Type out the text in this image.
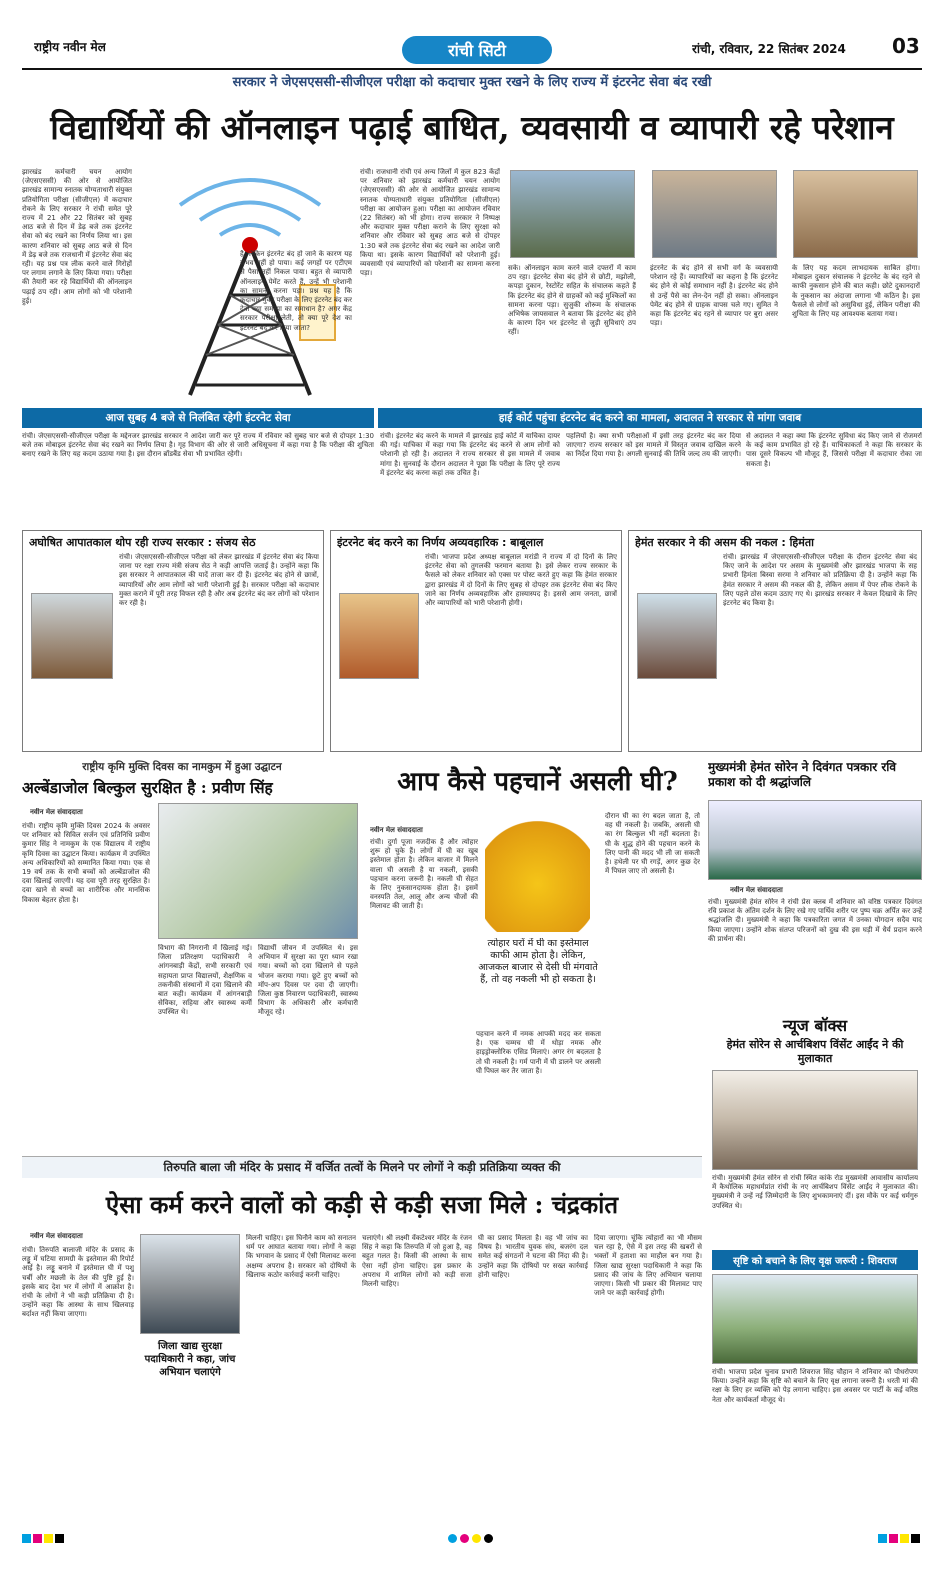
राष्ट्रीय नवीन मेल	रांची सिटी	रांची, रविवार, 22 सितंबर 2024 03
सरकार ने जेएसएससी-सीजीएल परीक्षा को कदाचार मुक्त रखने के लिए राज्य में इंटरनेट सेवा बंद रखी
विद्यार्थियों की ऑनलाइन पढ़ाई बाधित, व्यवसायी व व्यापारी रहे परेशान
झारखंड कर्मचारी चयन आयोग (जेएसएससी) की ओर से आयोजित झारखंड सामान्य स्नातक योग्यताधारी संयुक्त प्रतियोगिता परीक्षा (सीजीएल) में कदाचार रोकने के लिए सरकार ने रांची समेत पूरे राज्य में 21 और 22 सितंबर को सुबह आठ बजे से दिन में डेढ़ बजे तक इंटरनेट सेवा को बंद रखने का निर्णय लिया था। इस कारण शनिवार को सुबह आठ बजे से दिन में डेढ़ बजे तक राजधानी में इंटरनेट सेवा बंद रही। यह प्रश्न पत्र लीक करने वाले गिरोहों पर लगाम लगाने के लिए किया गया। परीक्षा की तैयारी कर रहे विद्यार्थियों की ऑनलाइन पढ़ाई ठप रही। आम लोगों को भी परेशानी हुई।
है, लेकिन इंटरनेट बंद हो जाने के कारण यह संभव नहीं हो पाया। कई जगहों पर एटीएम से पैसा नहीं निकल पाया। बहुत से व्यापारी ऑनलाइन पेमेंट करते हैं, उन्हें भी परेशानी का सामना करना पड़ा। प्रश्न यह है कि कदाचार मुक्त परीक्षा के लिए इंटरनेट बंद कर देना क्या समस्या का समाधान है? अगर केंद्र सरकार परीक्षा लेती, तो क्या पूरे देश का इंटरनेट बंद कर दिया जाता?
रांची। राजधानी रांची एवं अन्य जिलों में कुल 823 केंद्रों पर शनिवार को झारखंड कर्मचारी चयन आयोग (जेएसएससी) की ओर से आयोजित झारखंड सामान्य स्नातक योग्यताधारी संयुक्त प्रतियोगिता (सीजीएल) परीक्षा का आयोजन हुआ। परीक्षा का आयोजन रविवार (22 सितंबर) को भी होगा। राज्य सरकार ने निष्पक्ष और कदाचार मुक्त परीक्षा कराने के लिए सुरक्षा को शनिवार और रविवार को सुबह आठ बजे से दोपहर 1:30 बजे तक इंटरनेट सेवा बंद रखने का आदेश जारी किया था। इसके कारण विद्यार्थियों को परेशानी हुई। व्यवसायी एवं व्यापारियों को परेशानी का सामना करना पड़ा।
सके। ऑनलाइन काम करने वाले दफ्तरों में काम ठप रहा। इंटरनेट सेवा बंद होने से छोटी, मझोली, कपड़ा दुकान, रेस्टोरेंट सहित के संचालक कहते हैं कि इंटरनेट बंद होने से ग्राहकों को कई मुश्किलों का सामना करना पड़ा। सुजुकी शोरूम के संचालक अभिषेक जायसवाल ने बताया कि इंटरनेट बंद होने के कारण दिन भर इंटरनेट से जुड़ी सुविधाएं ठप रहीं।
इंटरनेट के बंद होने से सभी वर्ग के व्यवसायी परेशान रहे हैं। व्यापारियों का कहना है कि इंटरनेट बंद होने से कोई समाधान नहीं है। इंटरनेट बंद होने से उन्हें पैसे का लेन-देन नहीं हो सका। ऑनलाइन पेमेंट बंद होने से ग्राहक वापस चले गए। सुमित ने कहा कि इंटरनेट बंद रहने से व्यापार पर बुरा असर पड़ा।
के लिए यह कदम लाभदायक साबित होगा। मोबाइल दुकान संचालक ने इंटरनेट के बंद रहने से काफी नुकसान होने की बात कही। छोटे दुकानदारों के नुकसान का अंदाजा लगाना भी कठिन है। इस फैसले से लोगों को असुविधा हुई, लेकिन परीक्षा की शुचिता के लिए यह आवश्यक बताया गया।
आज सुबह 4 बजे से निलंबित रहेगी इंटरनेट सेवा	हाई कोर्ट पहुंचा इंटरनेट बंद करने का मामला, अदालत ने सरकार से मांगा जवाब
रांची। जेएसएससी-सीजीएल परीक्षा के मद्देनजर झारखंड सरकार ने आदेश जारी कर पूरे राज्य में रविवार को सुबह चार बजे से दोपहर 1:30 बजे तक मोबाइल इंटरनेट सेवा बंद रखने का निर्णय लिया है। गृह विभाग की ओर से जारी अधिसूचना में कहा गया है कि परीक्षा की शुचिता बनाए रखने के लिए यह कदम उठाया गया है। इस दौरान ब्रॉडबैंड सेवा भी प्रभावित रहेगी।
रांची। इंटरनेट बंद करने के मामले में झारखंड हाई कोर्ट में याचिका दायर की गई। याचिका में कहा गया कि इंटरनेट बंद करने से आम लोगों को परेशानी हो रही है। अदालत ने राज्य सरकार से इस मामले में जवाब मांगा है। सुनवाई के दौरान अदालत ने पूछा कि परीक्षा के लिए पूरे राज्य में इंटरनेट बंद करना कहां तक उचित है।
पहलियों है। क्या सभी परीक्षाओं में इसी तरह इंटरनेट बंद कर दिया जाएगा? राज्य सरकार को इस मामले में विस्तृत जवाब दाखिल करने का निर्देश दिया गया है। अगली सुनवाई की तिथि जल्द तय की जाएगी।
से अदालत ने कहा क्या कि इंटरनेट सुविधा बंद किए जाने से रोजमर्रा के कई काम प्रभावित हो रहे हैं। याचिकाकर्ता ने कहा कि सरकार के पास दूसरे विकल्प भी मौजूद हैं, जिससे परीक्षा में कदाचार रोका जा सकता है।
अघोषित आपातकाल थोप रही राज्य सरकार : संजय सेठ
रांची। जेएसएससी-सीजीएल परीक्षा को लेकर झारखंड में इंटरनेट सेवा बंद किया जाना पर रक्षा राज्य मंत्री संजय सेठ ने कड़ी आपत्ति जताई है। उन्होंने कहा कि इस सरकार ने आपातकाल की यादें ताजा कर दी हैं। इंटरनेट बंद होने से छात्रों, व्यापारियों और आम लोगों को भारी परेशानी हुई है। सरकार परीक्षा को कदाचार मुक्त कराने में पूरी तरह विफल रही है और अब इंटरनेट बंद कर लोगों को परेशान कर रही है।
इंटरनेट बंद करने का निर्णय अव्यवहारिक : बाबूलाल
रांची। भाजपा प्रदेश अध्यक्ष बाबूलाल मरांडी ने राज्य में दो दिनों के लिए इंटरनेट सेवा को तुगलकी फरमान बताया है। इसे लेकर राज्य सरकार के फैसले को लेकर शनिवार को एक्स पर पोस्ट करते हुए कहा कि हेमंत सरकार द्वारा झारखंड में दो दिनों के लिए सुबह से दोपहर तक इंटरनेट सेवा बंद किए जाने का निर्णय अव्यवहारिक और हास्यास्पद है। इससे आम जनता, छात्रों और व्यापारियों को भारी परेशानी होगी।
हेमंत सरकार ने की असम की नकल : हिमंता
रांची। झारखंड में जेएसएससी-सीजीएल परीक्षा के दौरान इंटरनेट सेवा बंद किए जाने के आदेश पर असम के मुख्यमंत्री और झारखंड भाजपा के सह प्रभारी हिमंता बिस्वा सरमा ने शनिवार को प्रतिक्रिया दी है। उन्होंने कहा कि हेमंत सरकार ने असम की नकल की है, लेकिन असम में पेपर लीक रोकने के लिए पहले ठोस कदम उठाए गए थे। झारखंड सरकार ने केवल दिखावे के लिए इंटरनेट बंद किया है।
राष्ट्रीय कृमि मुक्ति दिवस का नामकुम में हुआ उद्घाटन
अल्बेंडाजोल बिल्कुल सुरक्षित है : प्रवीण सिंह
नवीन मेल संवाददाता
रांची। राष्ट्रीय कृमि मुक्ति दिवस 2024 के अवसर पर शनिवार को सिविल सर्जन एवं प्रतिनिधि प्रवीण कुमार सिंह ने नामकुम के एक विद्यालय में राष्ट्रीय कृमि दिवस का उद्घाटन किया। कार्यक्रम में उपस्थित अन्य अधिकारियों को सम्मानित किया गया। एक से 19 वर्ष तक के सभी बच्चों को अल्बेंडाजोल की दवा खिलाई जाएगी। यह दवा पूरी तरह सुरक्षित है। दवा खाने से बच्चों का शारीरिक और मानसिक विकास बेहतर होता है।
विभाग की निगरानी में खिलाई गई। जिला प्रतिरक्षण पदाधिकारी ने आंगनबाड़ी केंद्रों, सभी सरकारी एवं सहायता प्राप्त विद्यालयों, शैक्षणिक व तकनीकी संस्थानों में दवा खिलाने की बात कही। कार्यक्रम में आंगनबाड़ी सेविका, सहिया और स्वास्थ्य कर्मी उपस्थित थे।
विद्यार्थी जीवन में उपस्थित थे। इस अभियान में सुरक्षा का पूरा ध्यान रखा गया। बच्चों को दवा खिलाने से पहले भोजन कराया गया। छूटे हुए बच्चों को मॉप-अप दिवस पर दवा दी जाएगी। जिला कुष्ठ निवारण पदाधिकारी, स्वास्थ्य विभाग के अधिकारी और कर्मचारी मौजूद रहे।
आप कैसे पहचानें असली घी?
नवीन मेल संवाददाता
रांची। दुर्गा पूजा नजदीक है और त्योहार शुरू हो चुके हैं। लोगों में घी का खूब इस्तेमाल होता है। लेकिन बाजार में मिलने वाला घी असली है या नकली, इसकी पहचान करना जरूरी है। नकली घी सेहत के लिए नुकसानदायक होता है। इसमें वनस्पति तेल, आलू और अन्य चीजों की मिलावट की जाती है।
त्योहार घरों में घी का इस्तेमाल काफी आम होता है। लेकिन, आजकल बाजार से देसी घी मंगवाते हैं, तो वह नकली भी हो सकता है।
पहचान करने में नमक आपकी मदद कर सकता है। एक चम्मच घी में थोड़ा नमक और हाइड्रोक्लोरिक एसिड मिलाएं। अगर रंग बदलता है तो घी नकली है। गर्म पानी में घी डालने पर असली घी पिघल कर तैर जाता है।
दौरान घी का रंग बदल जाता है, तो वह घी नकली है। जबकि, असली घी का रंग बिल्कुल भी नहीं बदलता है। घी के शुद्ध होने की पहचान करने के लिए पानी की मदद भी ली जा सकती है। हथेली पर घी रगड़ें, अगर कुछ देर में पिघल जाए तो असली है।
मुख्यमंत्री हेमंत सोरेन ने दिवंगत पत्रकार रवि प्रकाश को दी श्रद्धांजलि
नवीन मेल संवाददाता
रांची। मुख्यमंत्री हेमंत सोरेन ने रांची प्रेस क्लब में शनिवार को वरिष्ठ पत्रकार दिवंगत रवि प्रकाश के अंतिम दर्शन के लिए रखे गए पार्थिव शरीर पर पुष्प चक्र अर्पित कर उन्हें श्रद्धांजलि दी। मुख्यमंत्री ने कहा कि पत्रकारिता जगत में उनका योगदान सदैव याद किया जाएगा। उन्होंने शोक संतप्त परिजनों को दुख की इस घड़ी में धैर्य प्रदान करने की प्रार्थना की।
न्यूज बॉक्स
हेमंत सोरेन से आर्चबिशप विंसेंट आईंद ने की मुलाकात
रांची। मुख्यमंत्री हेमंत सोरेन से रांची स्थित कांके रोड मुख्यमंत्री आवासीय कार्यालय में कैथोलिक महाधर्मप्रांत रांची के नए आर्चबिशप विंसेंट आईंद ने मुलाकात की। मुख्यमंत्री ने उन्हें नई जिम्मेदारी के लिए शुभकामनाएं दीं। इस मौके पर कई धर्मगुरु उपस्थित थे।
सृष्टि को बचाने के लिए वृक्ष जरूरी : शिवराज
रांची। भाजपा प्रदेश चुनाव प्रभारी शिवराज सिंह चौहान ने शनिवार को पौधरोपण किया। उन्होंने कहा कि सृष्टि को बचाने के लिए वृक्ष लगाना जरूरी है। धरती मां की रक्षा के लिए हर व्यक्ति को पेड़ लगाना चाहिए। इस अवसर पर पार्टी के कई वरिष्ठ नेता और कार्यकर्ता मौजूद थे।
तिरुपति बाला जी मंदिर के प्रसाद में वर्जित तत्वों के मिलने पर लोगों ने कड़ी प्रतिक्रिया व्यक्त की
ऐसा कर्म करने वालों को कड़ी से कड़ी सजा मिले : चंद्रकांत
नवीन मेल संवाददाता
रांची। तिरुपति बालाजी मंदिर के प्रसाद के लड्डू में घटिया सामग्री के इस्तेमाल की रिपोर्ट आई है। लड्डू बनाने में इस्तेमाल घी में पशु चर्बी और मछली के तेल की पुष्टि हुई है। इसके बाद देश भर में लोगों में आक्रोश है। रांची के लोगों ने भी कड़ी प्रतिक्रिया दी है। उन्होंने कहा कि आस्था के साथ खिलवाड़ बर्दाश्त नहीं किया जाएगा।
जिला खाद्य सुरक्षा पदाधिकारी ने कहा, जांच अभियान चलाएंगे
मिलनी चाहिए। इस घिनौने काम को सनातन धर्म पर आघात बताया गया। लोगों ने कहा कि भगवान के प्रसाद में ऐसी मिलावट करना अक्षम्य अपराध है। सरकार को दोषियों के खिलाफ कठोर कार्रवाई करनी चाहिए।
चलाएंगे। श्री लक्ष्मी वेंकटेश्वर मंदिर के रंजन सिंह ने कहा कि तिरुपति में जो हुआ है, वह बहुत गलत है। किसी की आस्था के साथ ऐसा नहीं होना चाहिए। इस प्रकार के अपराध में शामिल लोगों को कड़ी सजा मिलनी चाहिए।
घी का प्रसाद मिलता है। वह भी जांच का विषय है। भारतीय युवक संघ, बजरंग दल समेत कई संगठनों ने घटना की निंदा की है। उन्होंने कहा कि दोषियों पर सख्त कार्रवाई होनी चाहिए।
दिया जाएगा। चूंकि त्योहारों का भी मौसम चल रहा है, ऐसे में इस तरह की खबरों से भक्तों में हताशा का माहौल बन गया है। जिला खाद्य सुरक्षा पदाधिकारी ने कहा कि प्रसाद की जांच के लिए अभियान चलाया जाएगा। किसी भी प्रकार की मिलावट पाए जाने पर कड़ी कार्रवाई होगी।
